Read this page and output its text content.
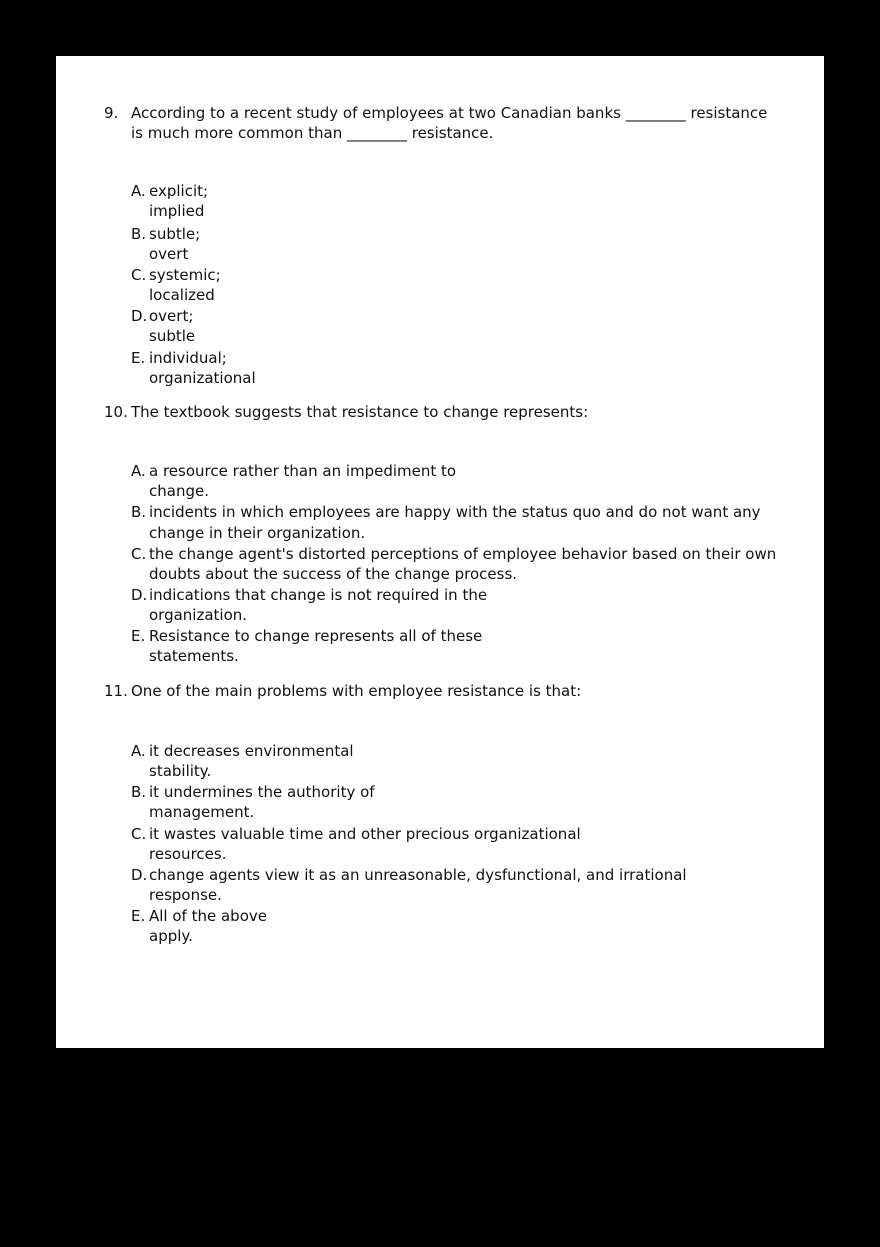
9. According to a recent study of employees at two Canadian banks ________ resistance
is much more common than ________ resistance.
A. explicit;
implied
B. subtle;
overt
C. systemic;
localized
D. overt;
subtle
E. individual;
organizational
10. The textbook suggests that resistance to change represents:
A. a resource rather than an impediment to
change.
B. incidents in which employees are happy with the status quo and do not want any
change in their organization.
C. the change agent's distorted perceptions of employee behavior based on their own
doubts about the success of the change process.
D. indications that change is not required in the
organization.
E. Resistance to change represents all of these
statements.
11. One of the main problems with employee resistance is that:
A. it decreases environmental
stability.
B. it undermines the authority of
management.
C. it wastes valuable time and other precious organizational
resources.
D. change agents view it as an unreasonable, dysfunctional, and irrational
response.
E. All of the above
apply.
